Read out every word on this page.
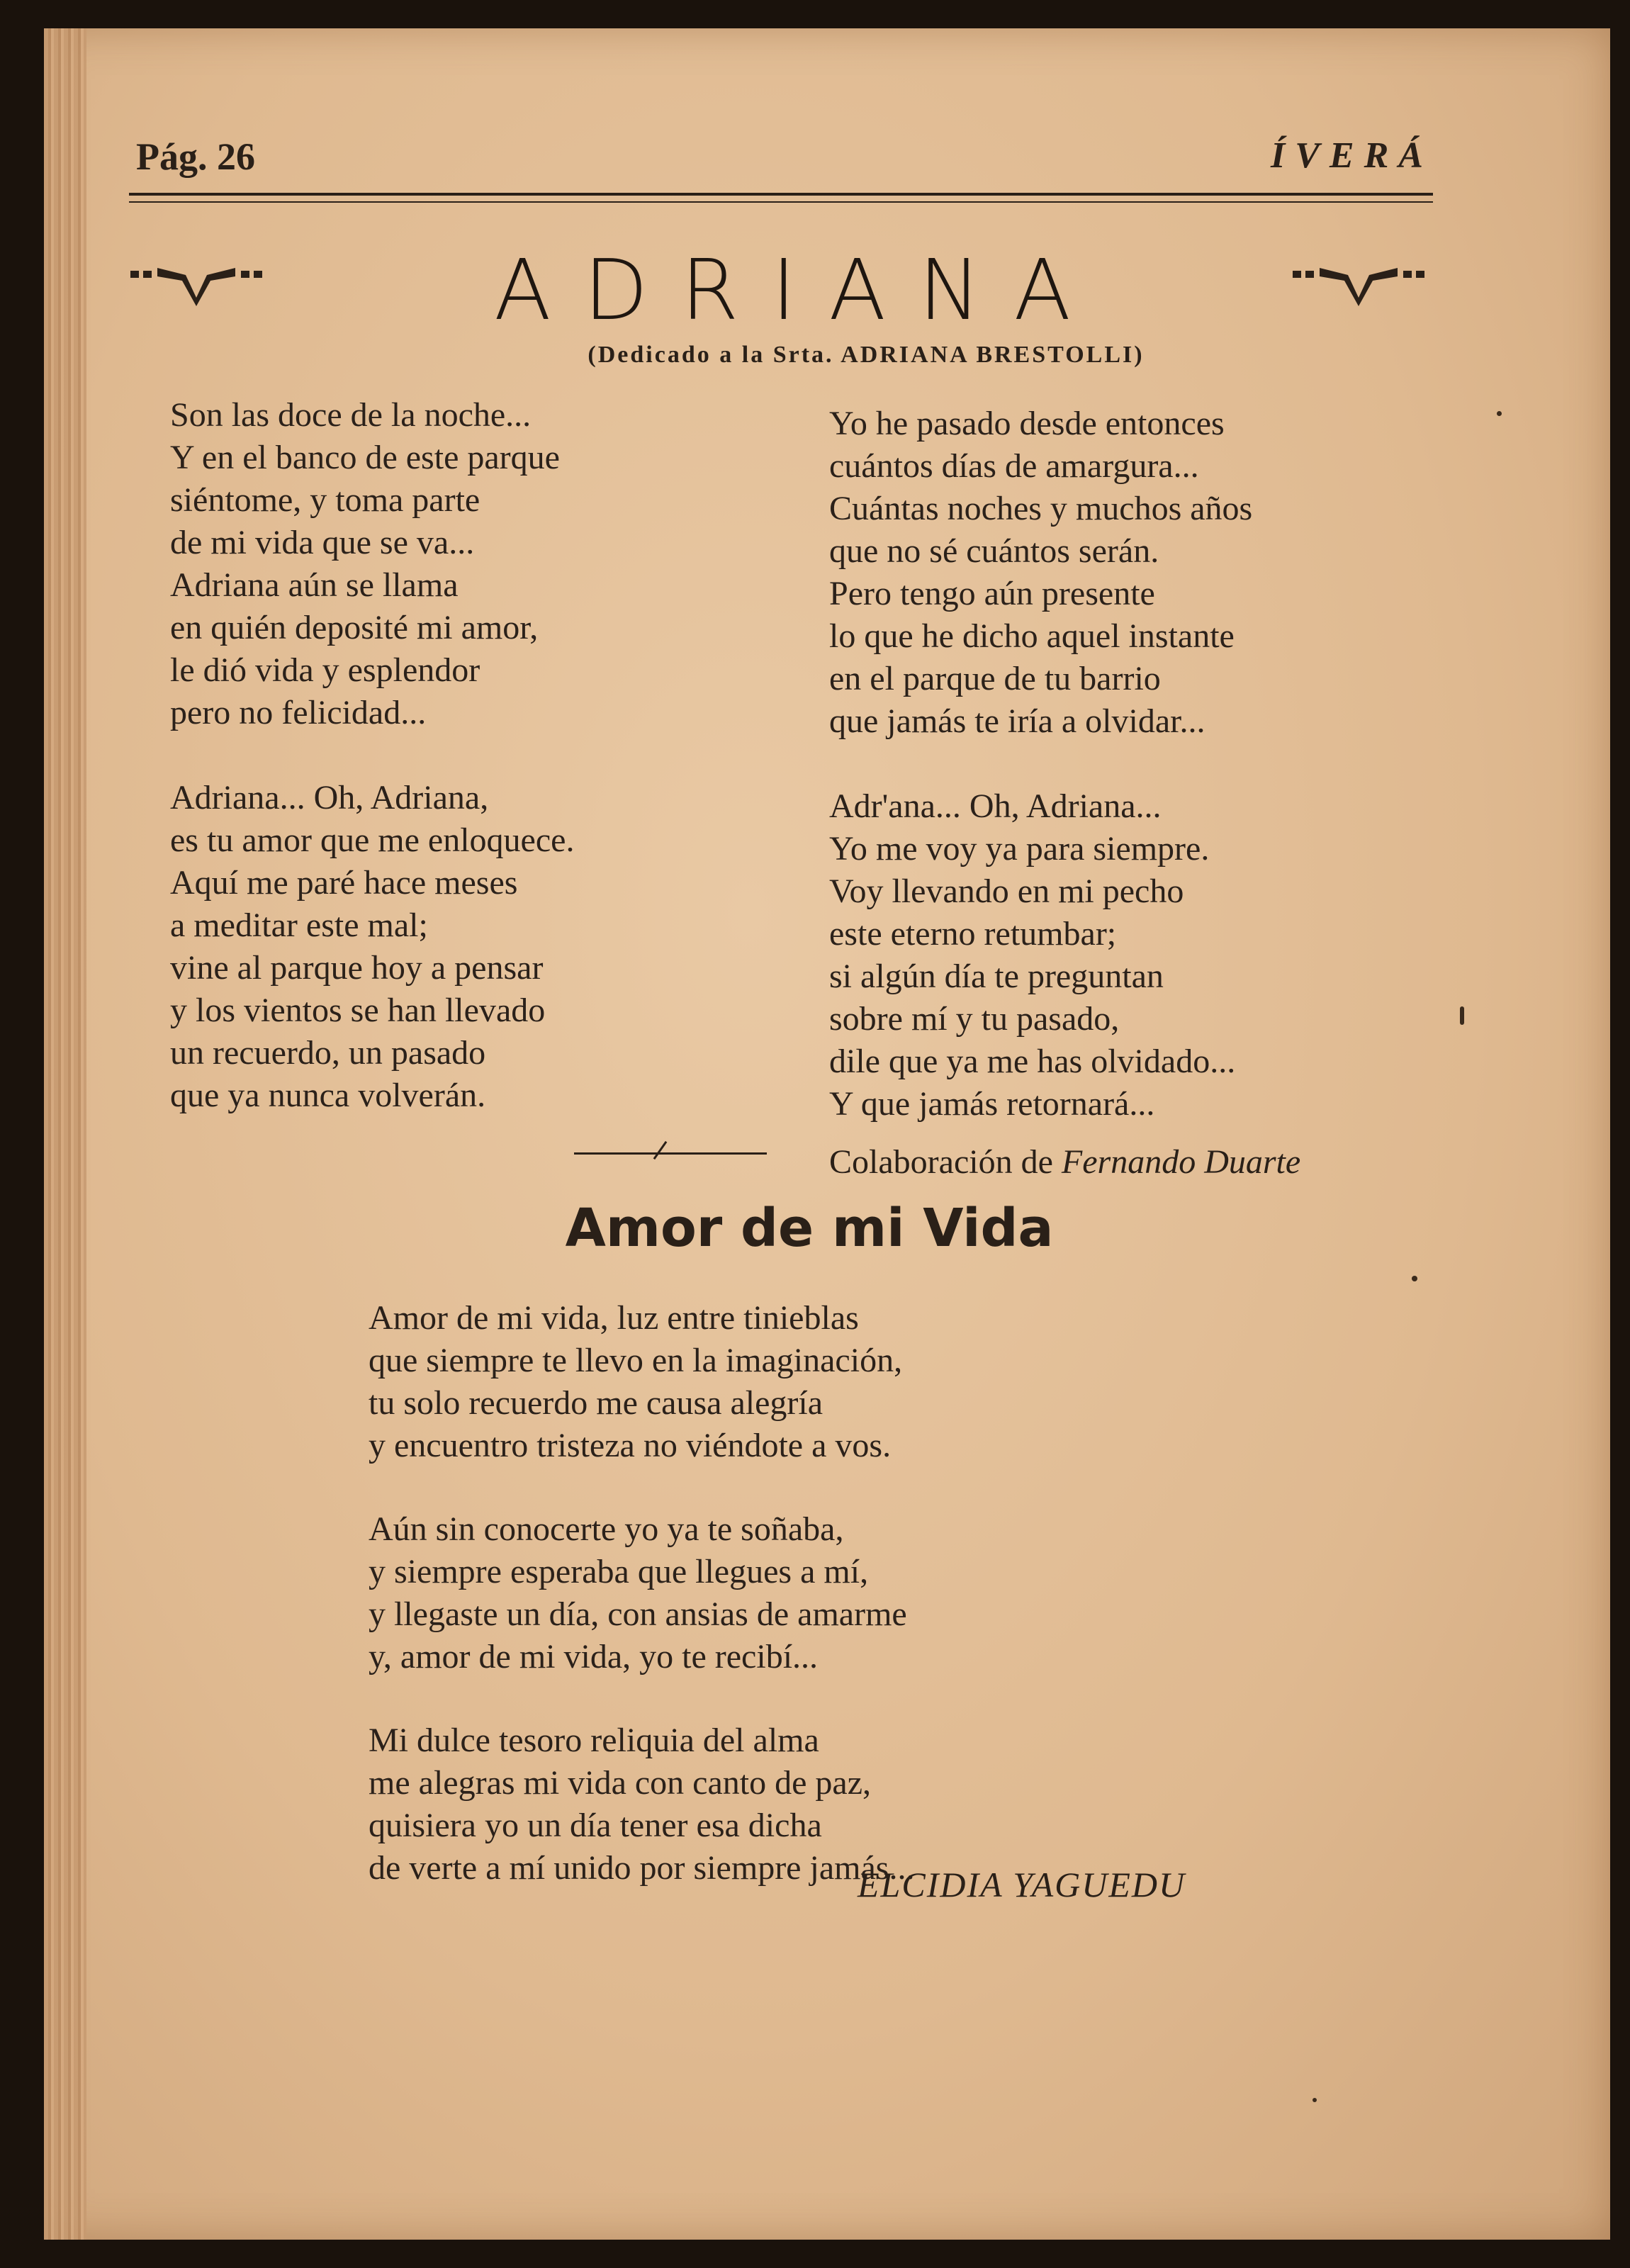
Pág. 26	ÍVERÁ
ADRIANA
(Dedicado a la Srta. ADRIANA BRESTOLLI)

Son las doce de la noche...
Y en el banco de este parque
siéntome, y toma parte
de mi vida que se va...
Adriana aún se llama
en quién deposité mi amor,
le dió vida y esplendor
pero no felicidad...

Adriana... Oh, Adriana,
es tu amor que me enloquece.
Aquí me paré hace meses
a meditar este mal;
vine al parque hoy a pensar
y los vientos se han llevado
un recuerdo, un pasado
que ya nunca volverán.

Yo he pasado desde entonces
cuántos días de amargura...
Cuántas noches y muchos años
que no sé cuántos serán.
Pero tengo aún presente
lo que he dicho aquel instante
en el parque de tu barrio
que jamás te iría a olvidar...

Adr'ana... Oh, Adriana...
Yo me voy ya para siempre.
Voy llevando en mi pecho
este eterno retumbar;
si algún día te preguntan
sobre mí y tu pasado,
dile que ya me has olvidado...
Y que jamás retornará...

Colaboración de Fernando Duarte
Amor de mi Vida

Amor de mi vida, luz entre tinieblas
que siempre te llevo en la imaginación,
tu solo recuerdo me causa alegría
y encuentro tristeza no viéndote a vos.

Aún sin conocerte yo ya te soñaba,
y siempre esperaba que llegues a mí,
y llegaste un día, con ansias de amarme
y, amor de mi vida, yo te recibí...

Mi dulce tesoro reliquia del alma
me alegras mi vida con canto de paz,
quisiera yo un día tener esa dicha
de verte a mí unido por siempre jamás...

ELCIDIA YAGUEDU
